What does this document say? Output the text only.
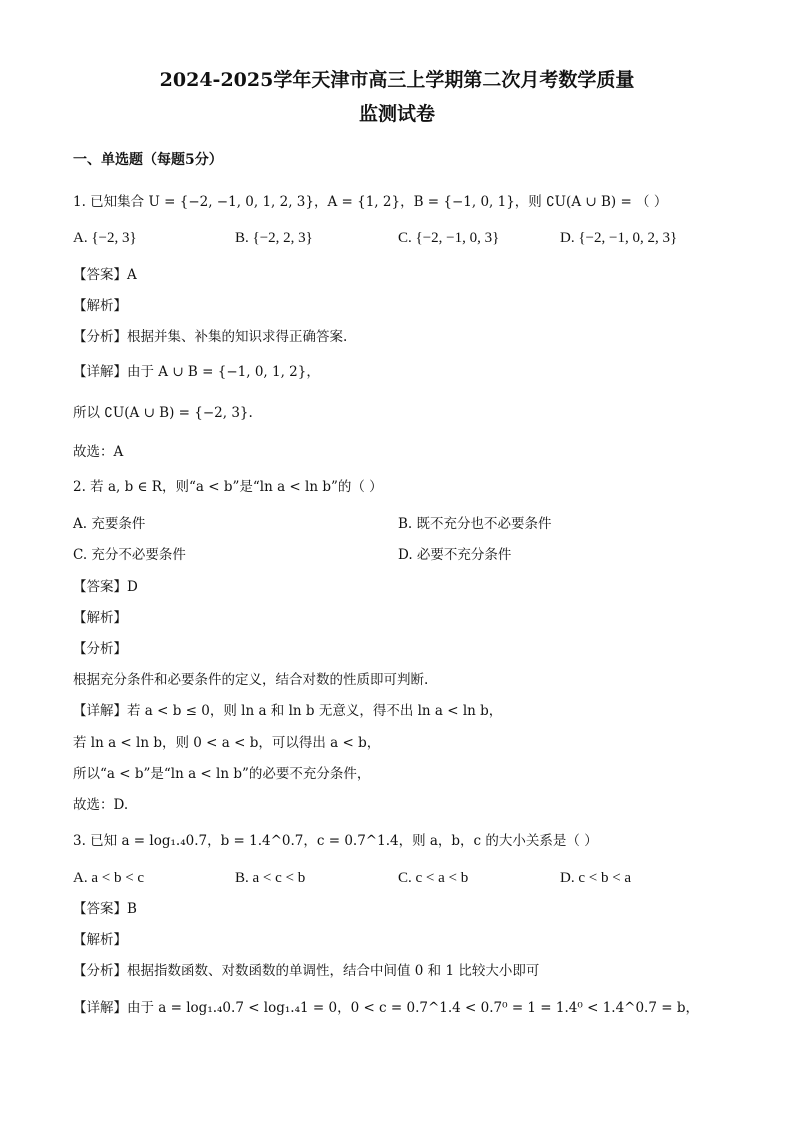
2024-2025学年天津市高三上学期第二次月考数学质量
监测试卷
一、单选题（每题5分）
1. 已知集合 U = {−2, −1, 0, 1, 2, 3}，A = {1, 2}，B = {−1, 0, 1}，则 ∁U(A ∪ B) = （ ）
A. {−2, 3}	B. {−2, 2, 3}	C. {−2, −1, 0, 3}	D. {−2, −1, 0, 2, 3}
【答案】A
【解析】
【分析】根据并集、补集的知识求得正确答案.
【详解】由于 A ∪ B = {−1, 0, 1, 2}，
所以 ∁U(A ∪ B) = {−2, 3}.
故选：A
2. 若 a, b ∈ R，则“a < b”是“ln a < ln b”的（ ）
A. 充要条件	B. 既不充分也不必要条件
C. 充分不必要条件	D. 必要不充分条件
【答案】D
【解析】
【分析】
根据充分条件和必要条件的定义，结合对数的性质即可判断.
【详解】若 a < b ≤ 0，则 ln a 和 ln b 无意义，得不出 ln a < ln b，
若 ln a < ln b，则 0 < a < b，可以得出 a < b，
所以“a < b”是“ln a < ln b”的必要不充分条件，
故选：D.
3. 已知 a = log₁.₄0.7，b = 1.4^0.7，c = 0.7^1.4，则 a，b，c 的大小关系是（ ）
A. a < b < c	B. a < c < b	C. c < a < b	D. c < b < a
【答案】B
【解析】
【分析】根据指数函数、对数函数的单调性，结合中间值 0 和 1 比较大小即可
【详解】由于 a = log₁.₄0.7 < log₁.₄1 = 0，0 < c = 0.7^1.4 < 0.7⁰ = 1 = 1.4⁰ < 1.4^0.7 = b，
